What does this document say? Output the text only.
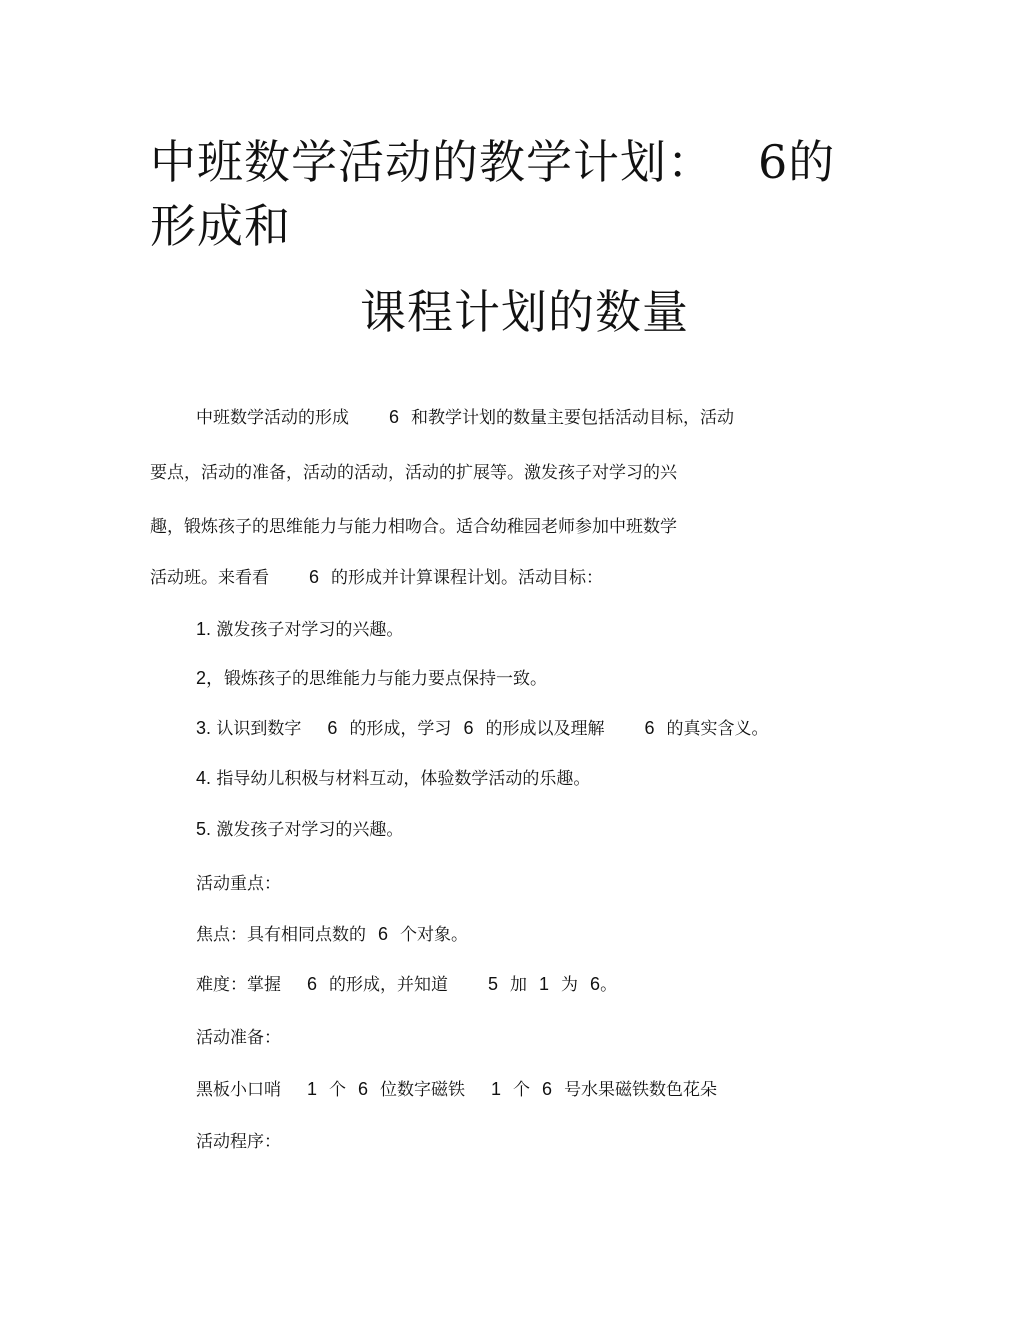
中班数学活动的教学计划： 6的
形成和
课程计划的数量
中班数学活动的形成 6 和教学计划的数量主要包括活动目标，活动
要点，活动的准备，活动的活动，活动的扩展等。激发孩子对学习的兴
趣，锻炼孩子的思维能力与能力相吻合。适合幼稚园老师参加中班数学
活动班。来看看 6 的形成并计算课程计划。活动目标：
1. 激发孩子对学习的兴趣。
2，锻炼孩子的思维能力与能力要点保持一致。
3. 认识到数字 6 的形成，学习 6 的形成以及理解 6 的真实含义。
4. 指导幼儿积极与材料互动，体验数学活动的乐趣。
5. 激发孩子对学习的兴趣。
活动重点：
焦点：具有相同点数的 6 个对象。
难度：掌握 6 的形成，并知道 5 加 1 为 6。
活动准备：
黑板小口哨 1 个 6 位数字磁铁 1 个 6 号水果磁铁数色花朵
活动程序：
